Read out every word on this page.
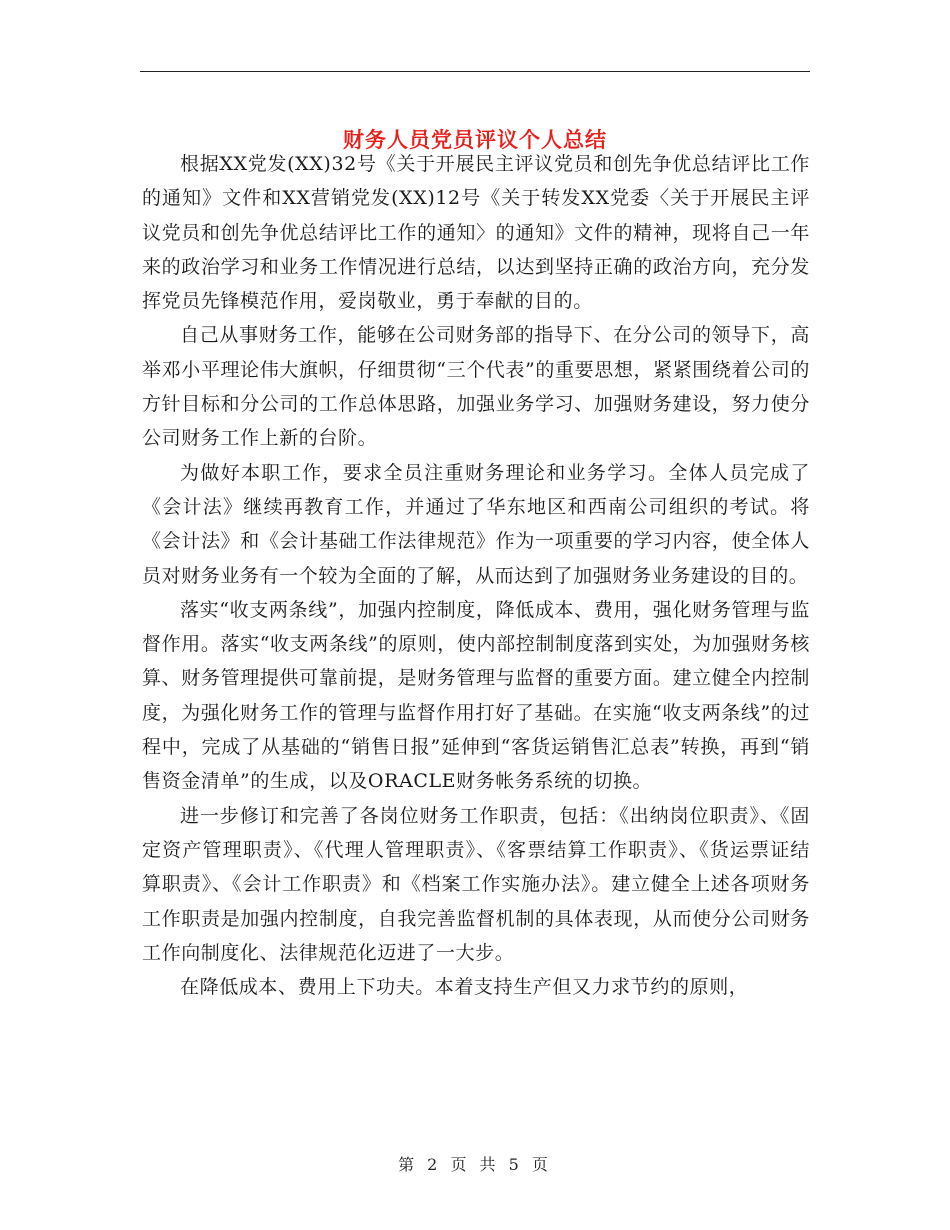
财务人员党员评议个人总结

根据XX党发(XX)32号《关于开展民主评议党员和创先争优总结评比工作的通知》文件和XX营销党发(XX)12号《关于转发XX党委〈关于开展民主评议党员和创先争优总结评比工作的通知〉的通知》文件的精神，现将自己一年来的政治学习和业务工作情况进行总结，以达到坚持正确的政治方向，充分发挥党员先锋模范作用，爱岗敬业，勇于奉献的目的。

自己从事财务工作，能够在公司财务部的指导下、在分公司的领导下，高举邓小平理论伟大旗帜，仔细贯彻“三个代表”的重要思想，紧紧围绕着公司的方针目标和分公司的工作总体思路，加强业务学习、加强财务建设，努力使分公司财务工作上新的台阶。

为做好本职工作，要求全员注重财务理论和业务学习。全体人员完成了《会计法》继续再教育工作，并通过了华东地区和西南公司组织的考试。将《会计法》和《会计基础工作法律规范》作为一项重要的学习内容，使全体人员对财务业务有一个较为全面的了解，从而达到了加强财务业务建设的目的。

落实“收支两条线”，加强内控制度，降低成本、费用，强化财务管理与监督作用。落实“收支两条线”的原则，使内部控制制度落到实处，为加强财务核算、财务管理提供可靠前提，是财务管理与监督的重要方面。建立健全内控制度，为强化财务工作的管理与监督作用打好了基础。在实施“收支两条线”的过程中，完成了从基础的“销售日报”延伸到“客货运销售汇总表”转换，再到“销售资金清单”的生成，以及ORACLE财务帐务系统的切换。

进一步修订和完善了各岗位财务工作职责，包括：《出纳岗位职责》、《固定资产管理职责》、《代理人管理职责》、《客票结算工作职责》、《货运票证结算职责》、《会计工作职责》和《档案工作实施办法》。建立健全上述各项财务工作职责是加强内控制度，自我完善监督机制的具体表现，从而使分公司财务工作向制度化、法律规范化迈进了一大步。

在降低成本、费用上下功夫。本着支持生产但又力求节约的原则，

第 2 页 共 5 页
